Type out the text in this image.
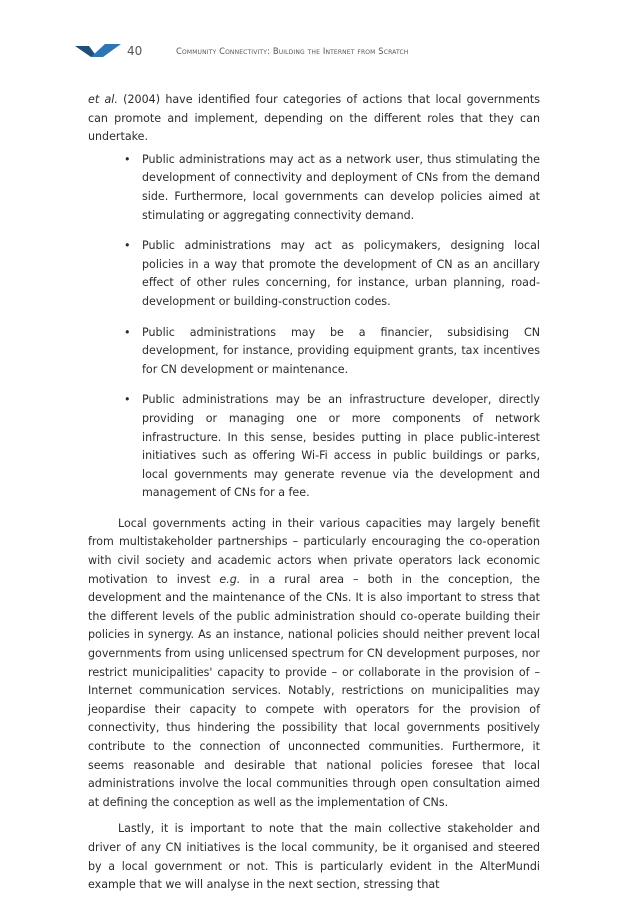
40	Community Connectivity: Building the Internet from Scratch

et al. (2004) have identified four categories of actions that local governments can promote and implement, depending on the different roles that they can undertake.

• Public administrations may act as a network user, thus stimulating the development of connectivity and deployment of CNs from the demand side. Furthermore, local governments can develop policies aimed at stimulating or aggregating connectivity demand.
• Public administrations may act as policymakers, designing local policies in a way that promote the development of CN as an ancillary effect of other rules concerning, for instance, urban planning, road-development or building-construction codes.
• Public administrations may be a financier, subsidising CN development, for instance, providing equipment grants, tax incentives for CN development or maintenance.
• Public administrations may be an infrastructure developer, directly providing or managing one or more components of network infrastructure. In this sense, besides putting in place public-interest initiatives such as offering Wi-Fi access in public buildings or parks, local governments may generate revenue via the development and management of CNs for a fee.

Local governments acting in their various capacities may largely benefit from multistakeholder partnerships – particularly encouraging the co-operation with civil society and academic actors when private operators lack economic motivation to invest e.g. in a rural area – both in the conception, the development and the maintenance of the CNs. It is also important to stress that the different levels of the public administration should co-operate building their policies in synergy. As an instance, national policies should neither prevent local governments from using unlicensed spectrum for CN development purposes, nor restrict municipalities' capacity to provide – or collaborate in the provision of – Internet communication services. Notably, restrictions on municipalities may jeopardise their capacity to compete with operators for the provision of connectivity, thus hindering the possibility that local governments positively contribute to the connection of unconnected communities. Furthermore, it seems reasonable and desirable that national policies foresee that local administrations involve the local communities through open consultation aimed at defining the conception as well as the implementation of CNs.

Lastly, it is important to note that the main collective stakeholder and driver of any CN initiatives is the local community, be it organised and steered by a local government or not. This is particularly evident in the AlterMundi example that we will analyse in the next section, stressing that
